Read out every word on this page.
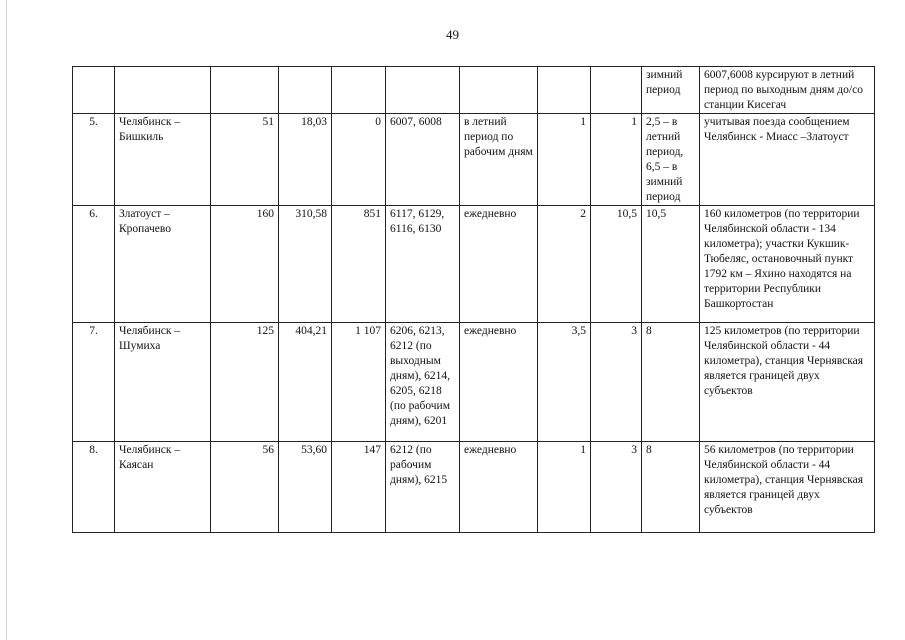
49
									зимний период	6007,6008 курсируют в летний период по выходным дням до/со станции Кисегач
5.	Челябинск – Бишкиль	51	18,03	0	6007, 6008	в летний период по рабочим дням	1	1	2,5 – в летний период, 6,5 – в зимний период	учитывая поезда сообщением Челябинск - Миасс –Златоуст
6.	Златоуст – Кропачево	160	310,58	851	6117, 6129, 6116, 6130	ежедневно	2	10,5	10,5	160 километров (по территории Челябинской области - 134 километра); участки Кукшик-Тюбеляс, остановочный пункт 1792 км – Яхино находятся на территории Республики Башкортостан
7.	Челябинск – Шумиха	125	404,21	1 107	6206, 6213, 6212 (по выходным дням), 6214, 6205, 6218 (по рабочим дням), 6201	ежедневно	3,5	3	8	125 километров (по территории Челябинской области - 44 километра), станция Чернявская является границей двух субъектов
8.	Челябинск – Каясан	56	53,60	147	6212 (по рабочим дням), 6215	ежедневно	1	3	8	56 километров (по территории Челябинской области - 44 километра), станция Чернявская является границей двух субъектов
